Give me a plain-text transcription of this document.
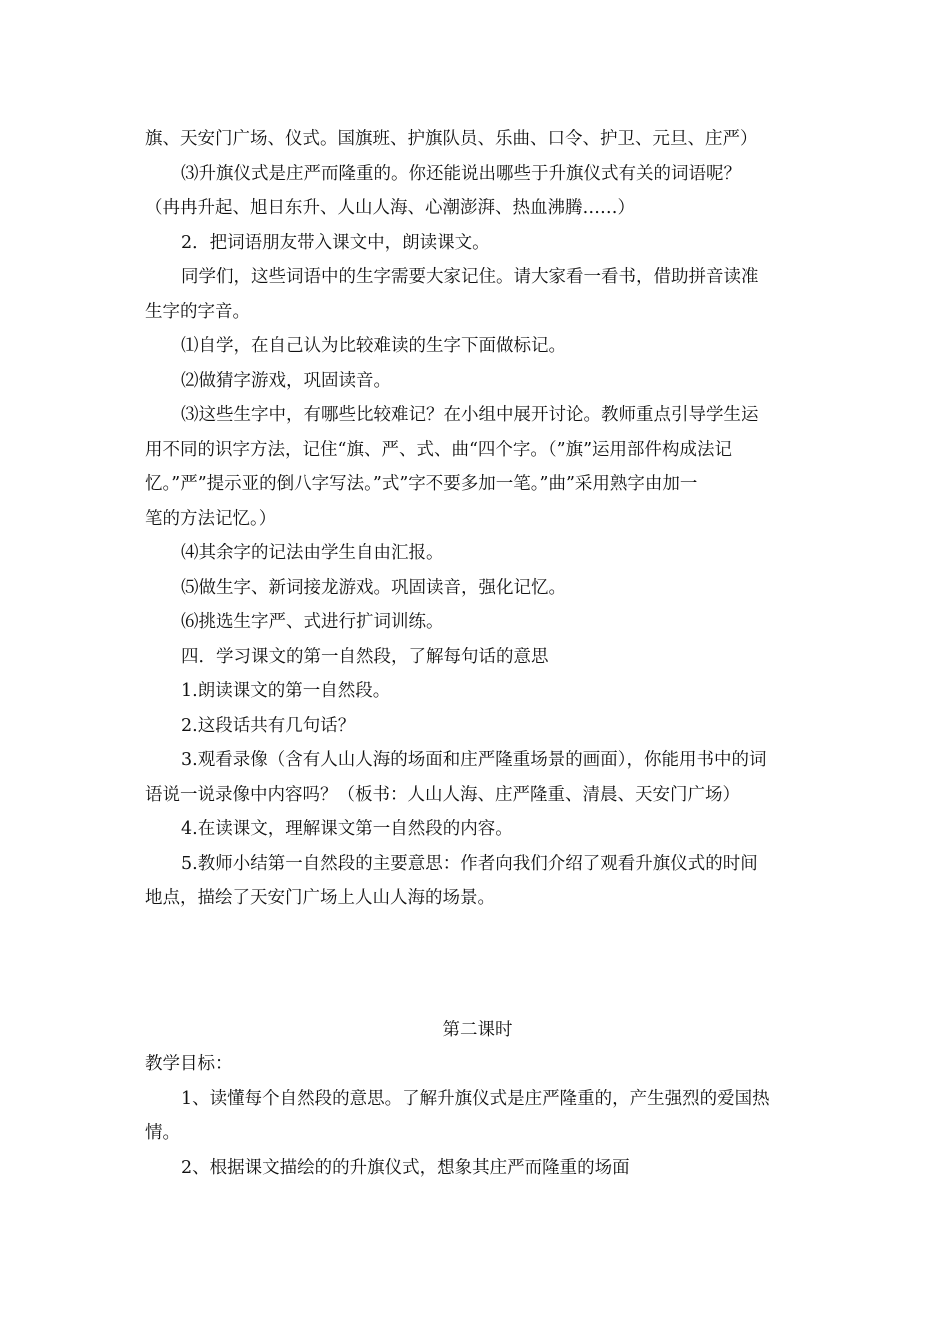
旗、天安门广场、仪式。国旗班、护旗队员、乐曲、口令、护卫、元旦、庄严）

⑶升旗仪式是庄严而隆重的。你还能说出哪些于升旗仪式有关的词语呢？

（冉冉升起、旭日东升、人山人海、心潮澎湃、热血沸腾……）

2．把词语朋友带入课文中，朗读课文。

同学们，这些词语中的生字需要大家记住。请大家看一看书，借助拼音读准

生字的字音。

⑴自学，在自己认为比较难读的生字下面做标记。

⑵做猜字游戏，巩固读音。

⑶这些生字中，有哪些比较难记？在小组中展开讨论。教师重点引导学生运

用不同的识字方法，记住“旗、严、式、曲“四个字。（”旗”运用部件构成法记

忆。”严”提示亚的倒八字写法。”式”字不要多加一笔。”曲”采用熟字由加一

笔的方法记忆。）

⑷其余字的记法由学生自由汇报。

⑸做生字、新词接龙游戏。巩固读音，强化记忆。

⑹挑选生字严、式进行扩词训练。

四．学习课文的第一自然段，了解每句话的意思

1.朗读课文的第一自然段。

2.这段话共有几句话？

3.观看录像（含有人山人海的场面和庄严隆重场景的画面），你能用书中的词

语说一说录像中内容吗？（板书：人山人海、庄严隆重、清晨、天安门广场）

4.在读课文，理解课文第一自然段的内容。

5.教师小结第一自然段的主要意思：作者向我们介绍了观看升旗仪式的时间

地点，描绘了天安门广场上人山人海的场景。

第二课时

教学目标：

1、读懂每个自然段的意思。了解升旗仪式是庄严隆重的，产生强烈的爱国热

情。

2、根据课文描绘的的升旗仪式，想象其庄严而隆重的场面
